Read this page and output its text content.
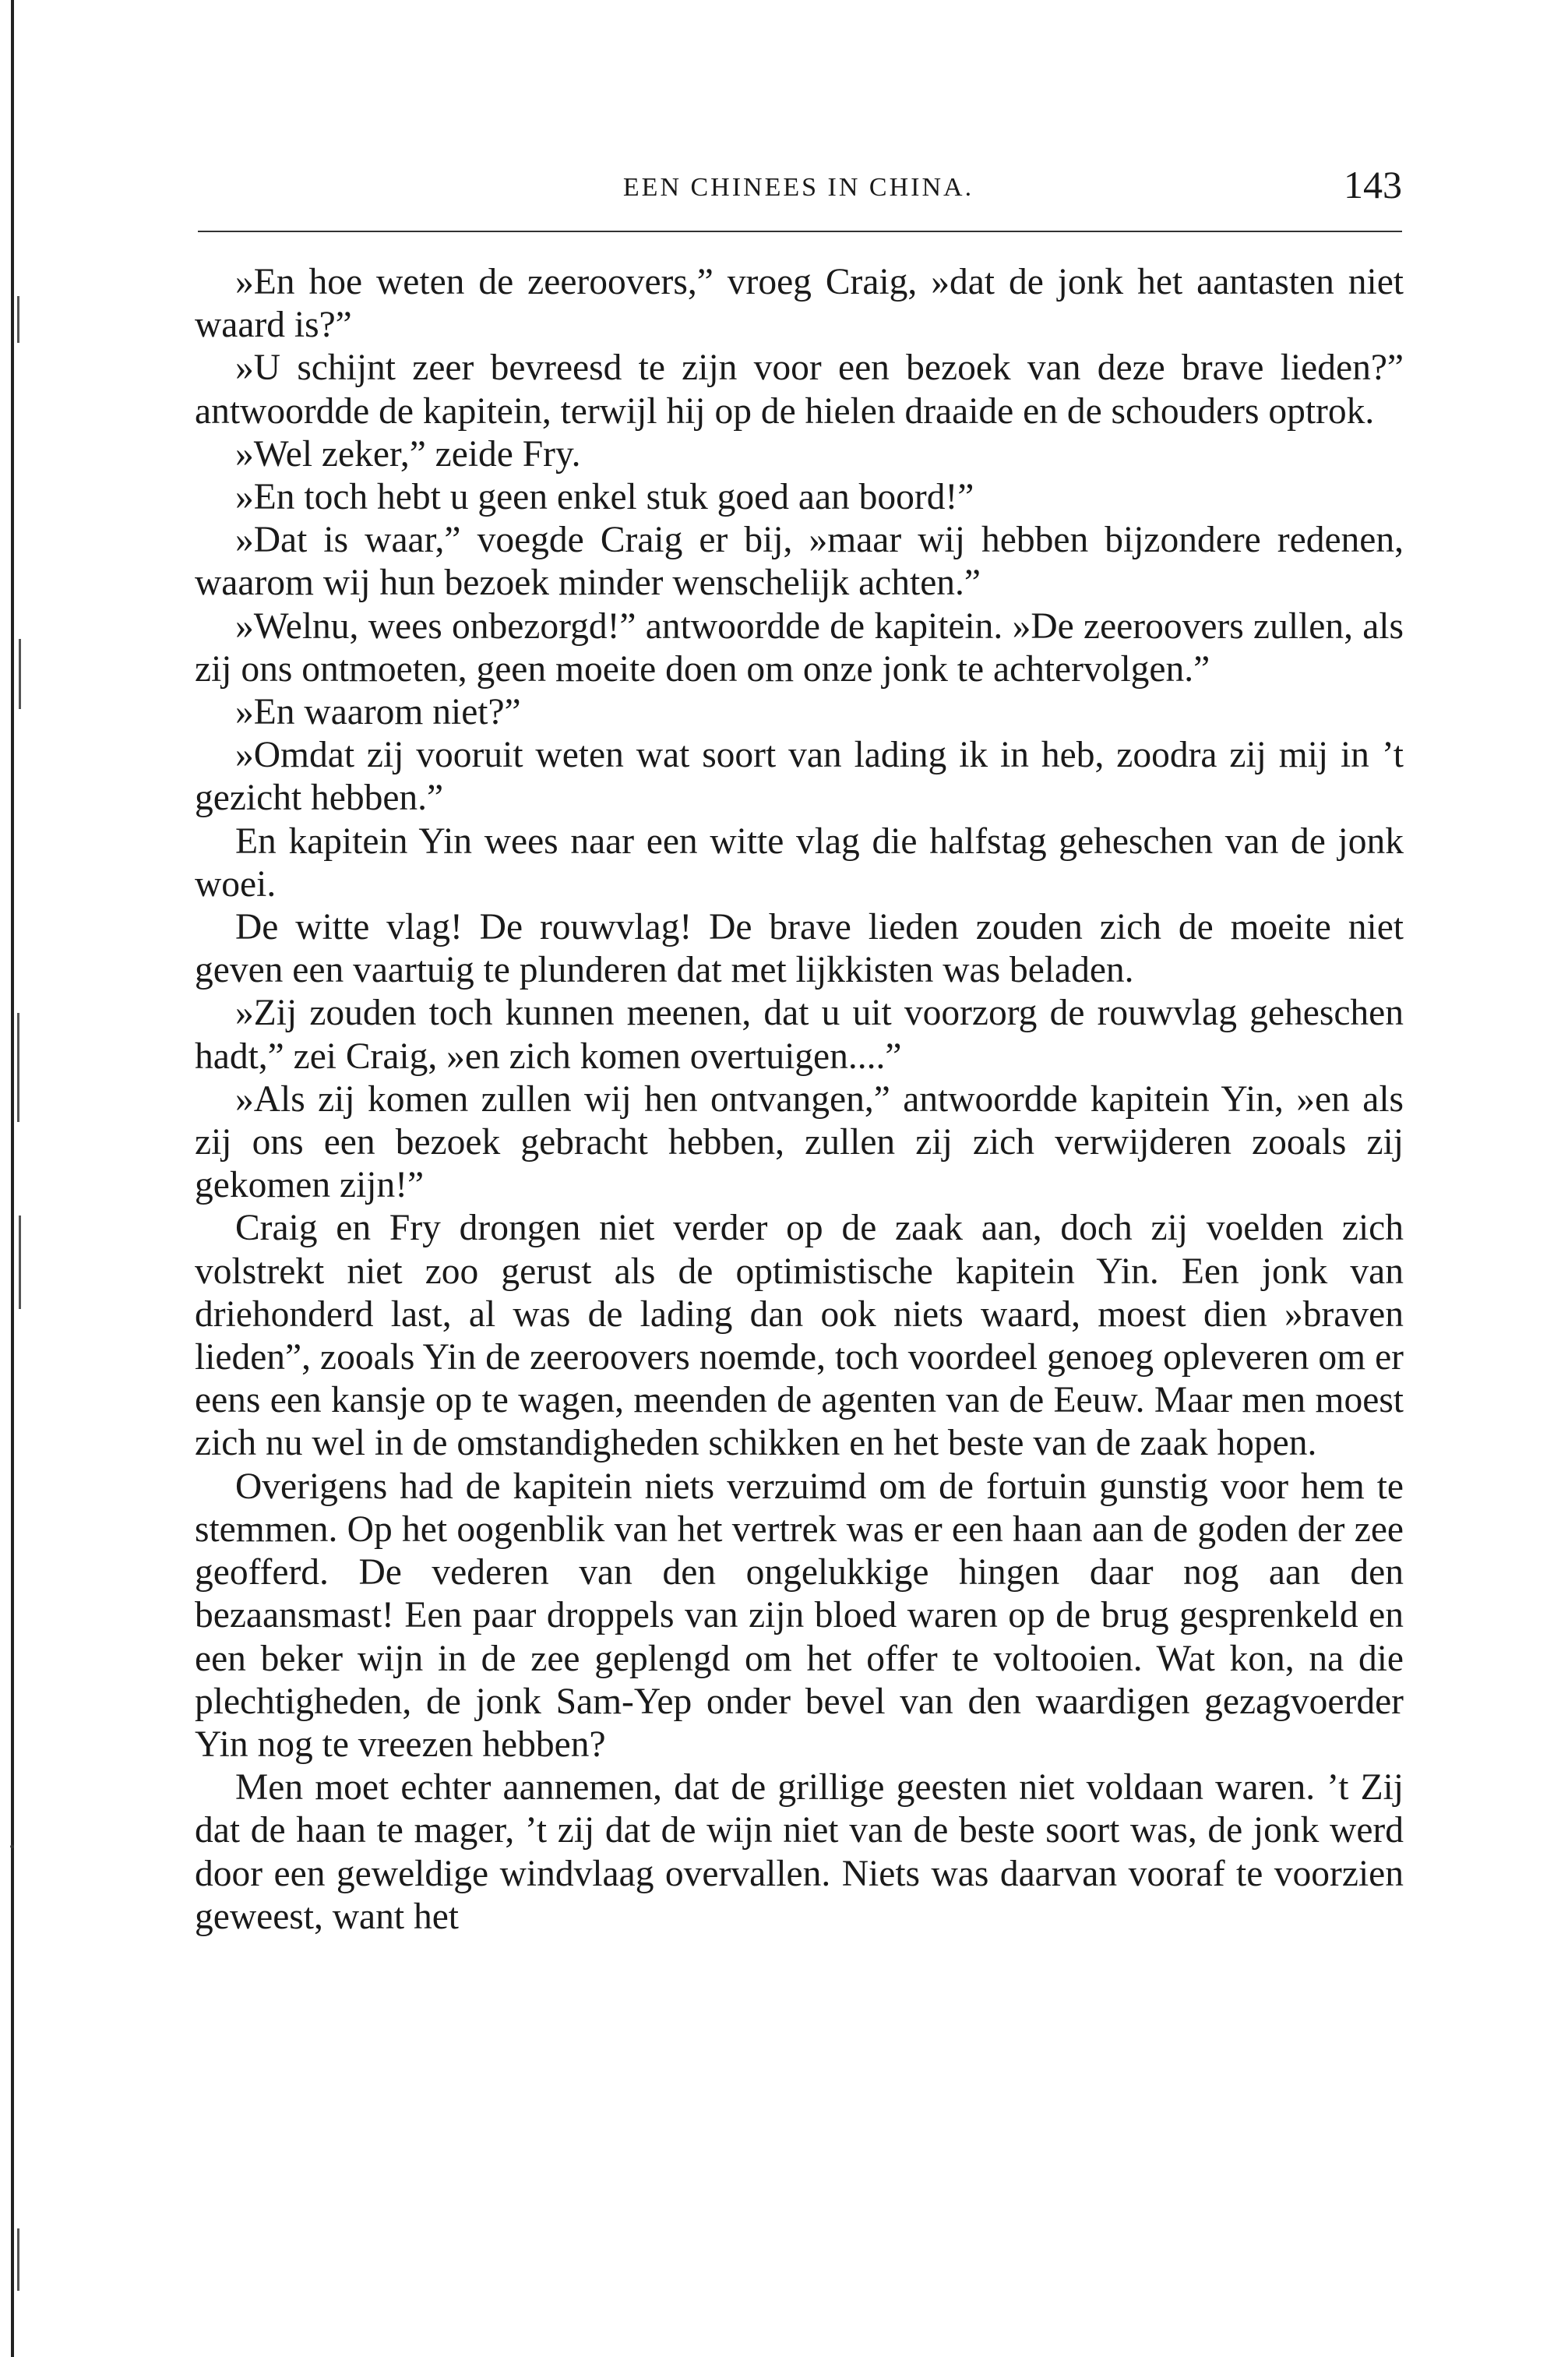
•
EEN CHINEES IN CHINA.	143

»En hoe weten de zeeroovers,” vroeg Craig, »dat de jonk het aantasten niet waard is?”

»U schijnt zeer bevreesd te zijn voor een bezoek van deze brave lieden?” antwoordde de kapitein, terwijl hij op de hielen draaide en de schouders optrok.

»Wel zeker,” zeide Fry.

»En toch hebt u geen enkel stuk goed aan boord!”

»Dat is waar,” voegde Craig er bij, »maar wij hebben bijzondere redenen, waarom wij hun bezoek minder wenschelijk achten.”

»Welnu, wees onbezorgd!” antwoordde de kapitein. »De zeeroovers zullen, als zij ons ontmoeten, geen moeite doen om onze jonk te achtervolgen.”

»En waarom niet?”

»Omdat zij vooruit weten wat soort van lading ik in heb, zoodra zij mij in ’t gezicht hebben.”

En kapitein Yin wees naar een witte vlag die halfstag geheschen van de jonk woei.

De witte vlag! De rouwvlag! De brave lieden zouden zich de moeite niet geven een vaartuig te plunderen dat met lijkkisten was beladen.

»Zij zouden toch kunnen meenen, dat u uit voorzorg de rouwvlag geheschen hadt,” zei Craig, »en zich komen overtuigen....”

»Als zij komen zullen wij hen ontvangen,” antwoordde kapitein Yin, »en als zij ons een bezoek gebracht hebben, zullen zij zich verwijderen zooals zij gekomen zijn!”

Craig en Fry drongen niet verder op de zaak aan, doch zij voelden zich volstrekt niet zoo gerust als de optimistische kapitein Yin. Een jonk van driehonderd last, al was de lading dan ook niets waard, moest dien »braven lieden”, zooals Yin de zeeroovers noemde, toch voordeel genoeg opleveren om er eens een kansje op te wagen, meenden de agenten van de Eeuw. Maar men moest zich nu wel in de omstandigheden schikken en het beste van de zaak hopen.

Overigens had de kapitein niets verzuimd om de fortuin gunstig voor hem te stemmen. Op het oogenblik van het vertrek was er een haan aan de goden der zee geofferd. De vederen van den ongelukkige hingen daar nog aan den bezaansmast! Een paar droppels van zijn bloed waren op de brug gesprenkeld en een beker wijn in de zee geplengd om het offer te voltooien. Wat kon, na die plechtigheden, de jonk Sam-Yep onder bevel van den waardigen gezagvoerder Yin nog te vreezen hebben?

Men moet echter aannemen, dat de grillige geesten niet voldaan waren. ’t Zij dat de haan te mager, ’t zij dat de wijn niet van de beste soort was, de jonk werd door een geweldige windvlaag overvallen. Niets was daarvan vooraf te voorzien geweest, want het
